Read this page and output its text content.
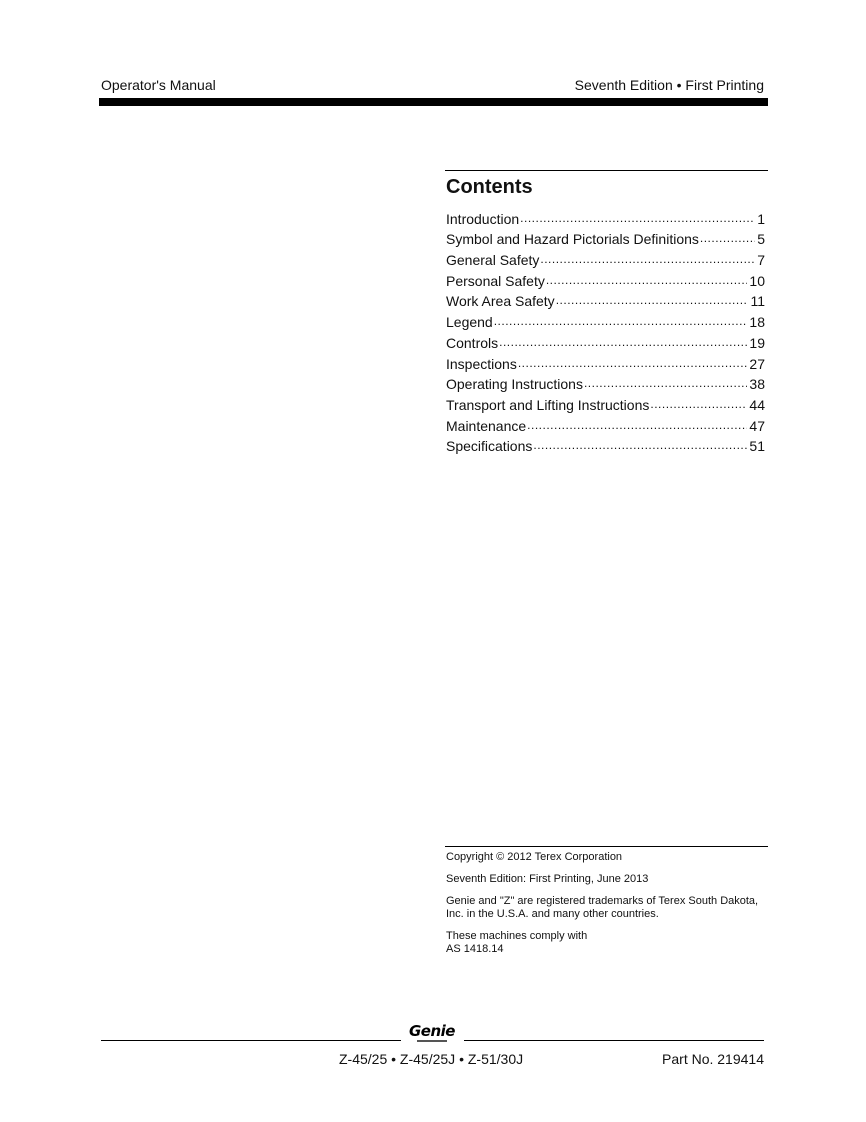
Operator's Manual	Seventh Edition • First Printing
Contents
Introduction .....	1
Symbol and Hazard Pictorials Definitions .....	5
General Safety .....	7
Personal Safety .....	10
Work Area Safety .....	11
Legend .....	18
Controls .....	19
Inspections .....	27
Operating Instructions .....	38
Transport and Lifting Instructions .....	44
Maintenance .....	47
Specifications .....	51

Copyright © 2012 Terex Corporation

Seventh Edition: First Printing, June 2013

Genie and "Z" are registered trademarks of Terex South Dakota, Inc. in the U.S.A. and many other countries.

These machines comply with
AS 1418.14

Genie
Z-45/25 • Z-45/25J • Z-51/30J	Part No. 219414
